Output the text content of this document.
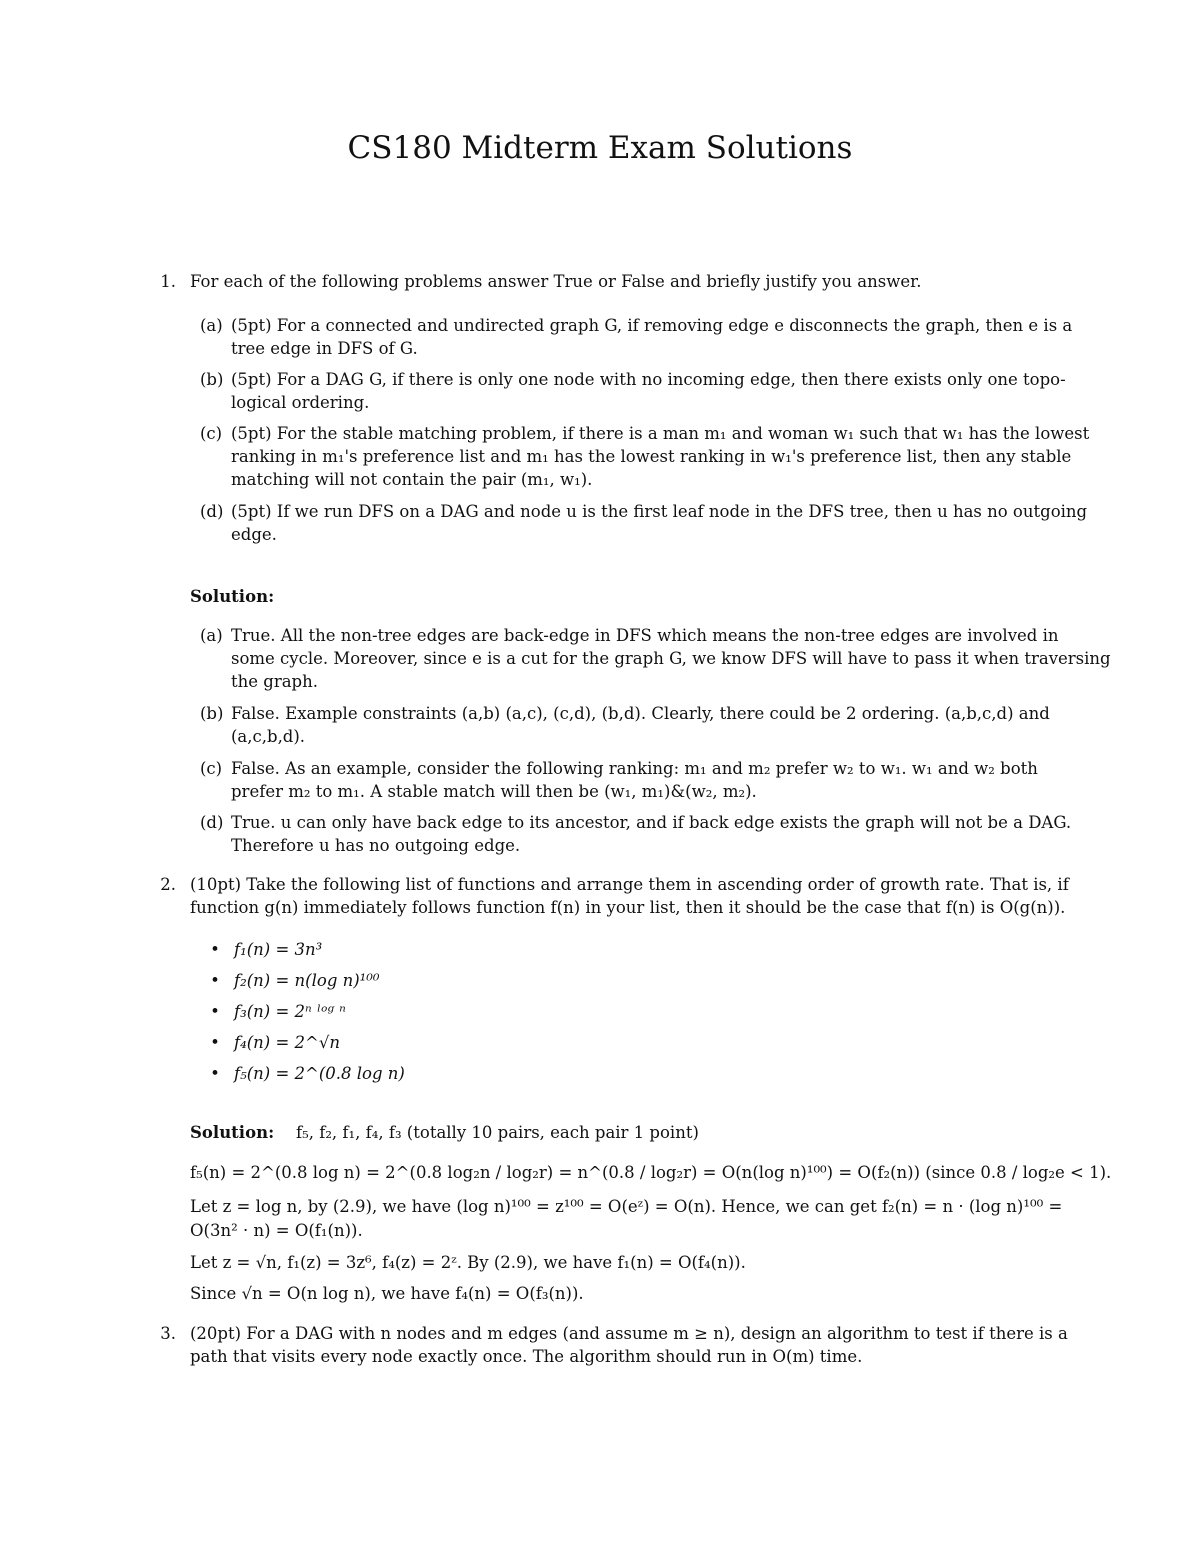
CS180 Midterm Exam Solutions
1. For each of the following problems answer True or False and briefly justify you answer.

(a) (5pt) For a connected and undirected graph G, if removing edge e disconnects the graph, then e is a

tree edge in DFS of G.

(b) (5pt) For a DAG G, if there is only one node with no incoming edge, then there exists only one topo-

logical ordering.

(c) (5pt) For the stable matching problem, if there is a man m₁ and woman w₁ such that w₁ has the lowest

ranking in m₁'s preference list and m₁ has the lowest ranking in w₁'s preference list, then any stable

matching will not contain the pair (m₁, w₁).

(d) (5pt) If we run DFS on a DAG and node u is the first leaf node in the DFS tree, then u has no outgoing

edge.

Solution:
(a) True. All the non-tree edges are back-edge in DFS which means the non-tree edges are involved in

some cycle. Moreover, since e is a cut for the graph G, we know DFS will have to pass it when traversing

the graph.

(b) False. Example constraints (a,b) (a,c), (c,d), (b,d). Clearly, there could be 2 ordering. (a,b,c,d) and

(a,c,b,d).

(c) False. As an example, consider the following ranking: m₁ and m₂ prefer w₂ to w₁. w₁ and w₂ both

prefer m₂ to m₁. A stable match will then be (w₁, m₁)&(w₂, m₂).

(d) True. u can only have back edge to its ancestor, and if back edge exists the graph will not be a DAG.

Therefore u has no outgoing edge.

2. (10pt) Take the following list of functions and arrange them in ascending order of growth rate. That is, if

function g(n) immediately follows function f(n) in your list, then it should be the case that f(n) is O(g(n)).

• f₁(n) = 3n³
• f₂(n) = n(log n)¹⁰⁰
• f₃(n) = 2ⁿ ˡᵒᵍ ⁿ
• f₄(n) = 2^√n
• f₅(n) = 2^(0.8 log n)
Solution: f₅, f₂, f₁, f₄, f₃ (totally 10 pairs, each pair 1 point)

f₅(n) = 2^(0.8 log n) = 2^(0.8 log₂n / log₂r) = n^(0.8 / log₂r) = O(n(log n)¹⁰⁰) = O(f₂(n)) (since 0.8 / log₂e < 1).

Let z = log n, by (2.9), we have (log n)¹⁰⁰ = z¹⁰⁰ = O(eᶻ) = O(n). Hence, we can get f₂(n) = n · (log n)¹⁰⁰ =

O(3n² · n) = O(f₁(n)).

Let z = √n, f₁(z) = 3z⁶, f₄(z) = 2ᶻ. By (2.9), we have f₁(n) = O(f₄(n)).

Since √n = O(n log n), we have f₄(n) = O(f₃(n)).

3. (20pt) For a DAG with n nodes and m edges (and assume m ≥ n), design an algorithm to test if there is a

path that visits every node exactly once. The algorithm should run in O(m) time.
